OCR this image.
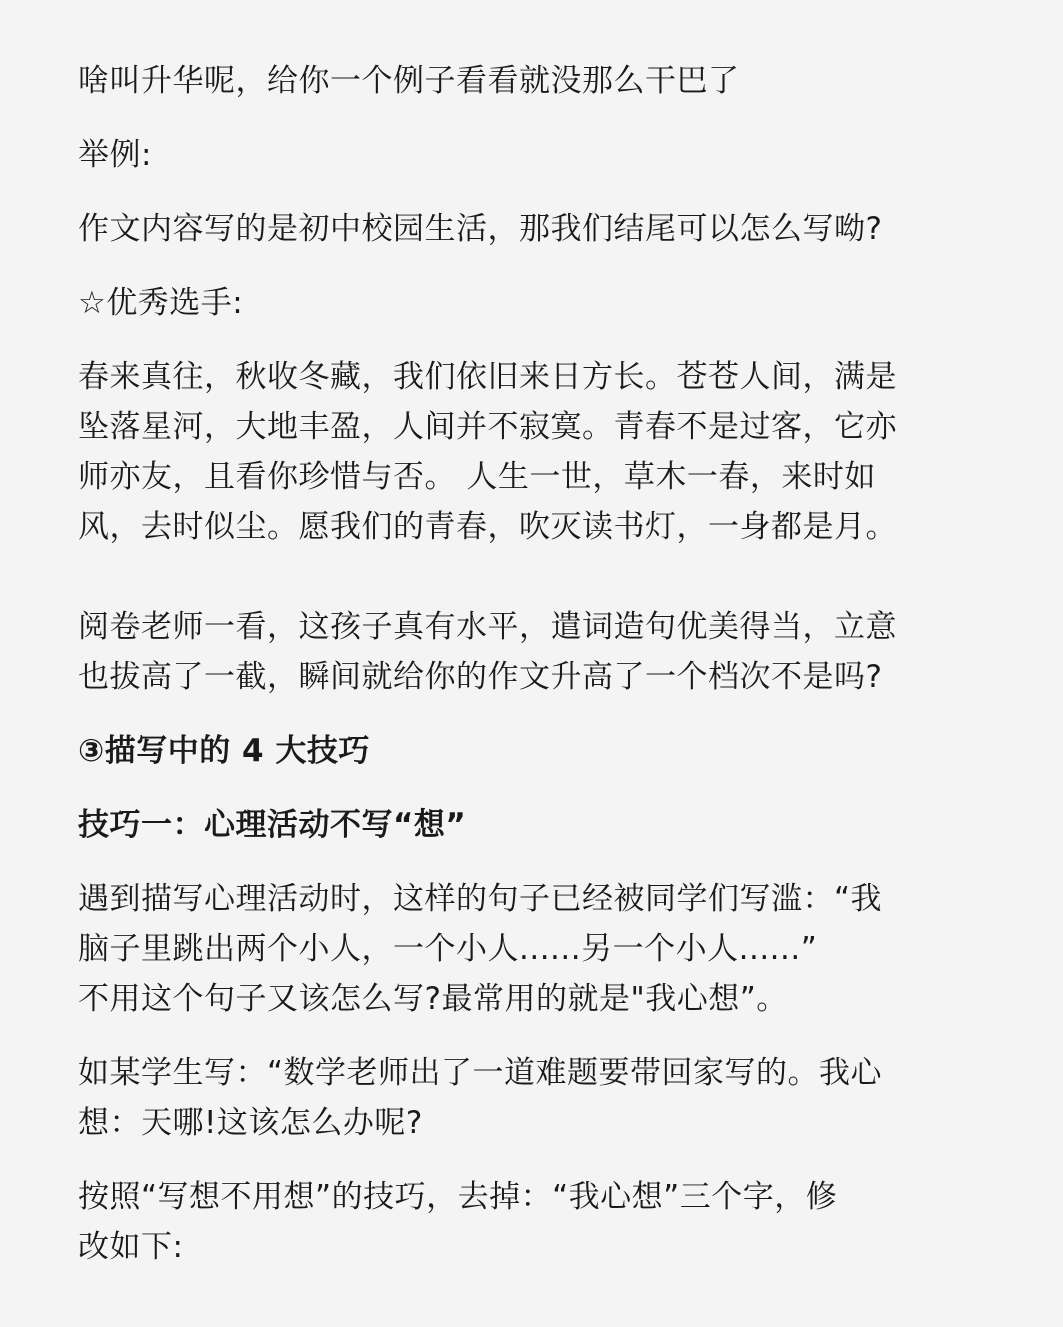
啥叫升华呢，给你一个例子看看就没那么干巴了

举例:

作文内容写的是初中校园生活，那我们结尾可以怎么写呦?

☆优秀选手:

春来真往，秋收冬藏，我们依旧来日方长。苍苍人间，满是
坠落星河，大地丰盈，人间并不寂寞。青春不是过客，它亦
师亦友，且看你珍惜与否。 人生一世，草木一春，来时如
风，去时似尘。愿我们的青春，吹灭读书灯，一身都是月。

阅卷老师一看，这孩子真有水平，遣词造句优美得当，立意
也拔高了一截，瞬间就给你的作文升高了一个档次不是吗?

③描写中的 4 大技巧

技巧一：心理活动不写“想”

遇到描写心理活动时，这样的句子已经被同学们写滥：“我
脑子里跳出两个小人，一个小人......另一个小人......”
不用这个句子又该怎么写?最常用的就是"我心想”。

如某学生写：“数学老师出了一道难题要带回家写的。我心
想：天哪!这该怎么办呢?

按照“写想不用想”的技巧，去掉：“我心想”三个字，修
改如下:
